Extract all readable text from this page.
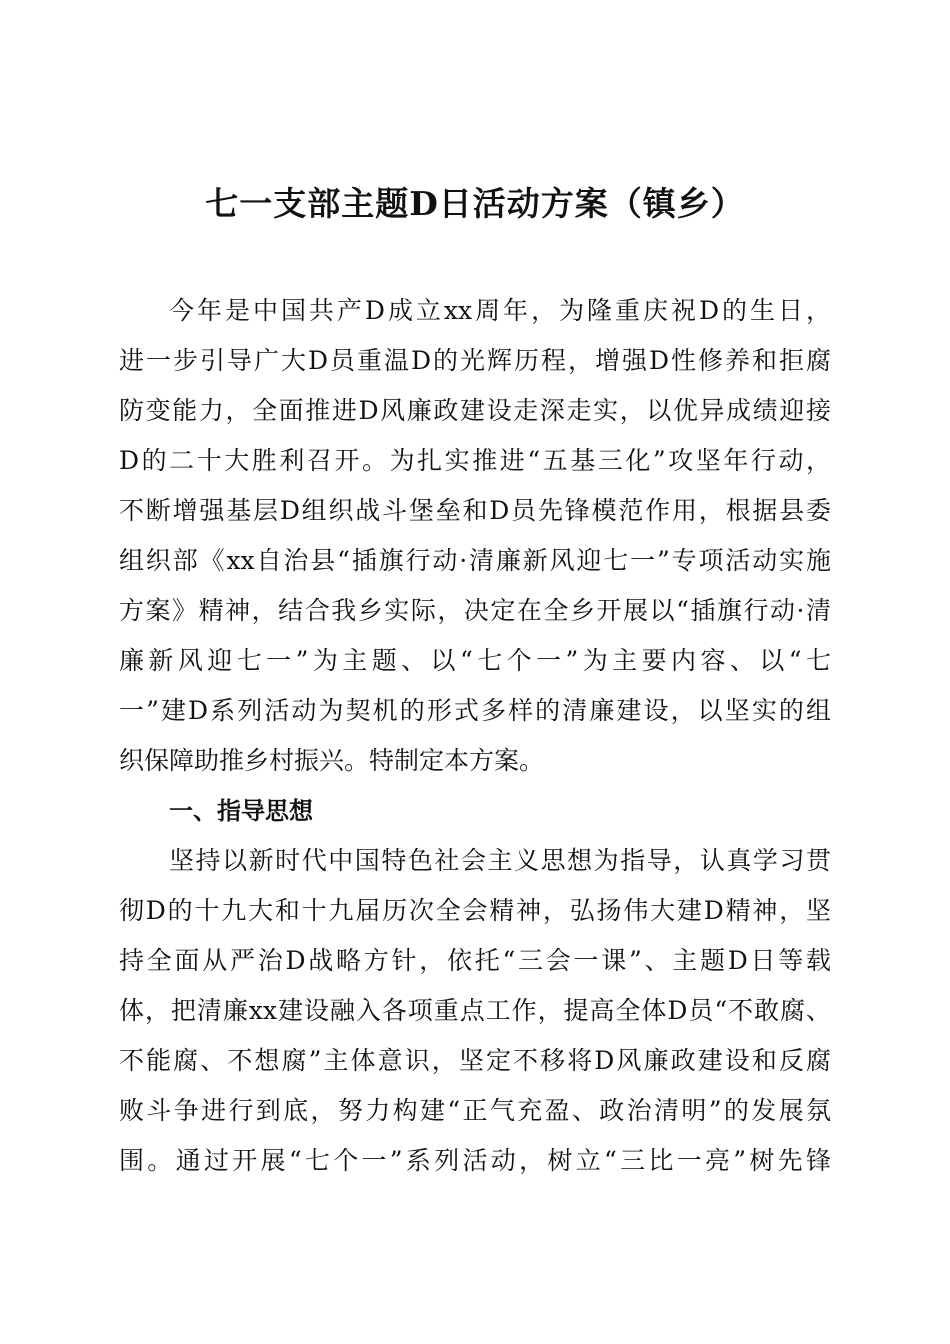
七一支部主题D日活动方案（镇乡）

今年是中国共产D成立xx周年，为隆重庆祝D的生日，

进一步引导广大D员重温D的光辉历程，增强D性修养和拒腐

防变能力，全面推进D风廉政建设走深走实，以优异成绩迎接

D的二十大胜利召开。为扎实推进“五基三化”攻坚年行动，

不断增强基层D组织战斗堡垒和D员先锋模范作用，根据县委

组织部《xx自治县“插旗行动·清廉新风迎七一”专项活动实施

方案》精神，结合我乡实际，决定在全乡开展以“插旗行动·清

廉新风迎七一”为主题、以“七个一”为主要内容、以“七

一”建D系列活动为契机的形式多样的清廉建设，以坚实的组

织保障助推乡村振兴。特制定本方案。

一、指导思想

坚持以新时代中国特色社会主义思想为指导，认真学习贯

彻D的十九大和十九届历次全会精神，弘扬伟大建D精神，坚

持全面从严治D战略方针，依托“三会一课”、主题D日等载

体，把清廉xx建设融入各项重点工作，提高全体D员“不敢腐、

不能腐、不想腐”主体意识，坚定不移将D风廉政建设和反腐

败斗争进行到底，努力构建“正气充盈、政治清明”的发展氛

围。通过开展“七个一”系列活动，树立“三比一亮”树先锋
